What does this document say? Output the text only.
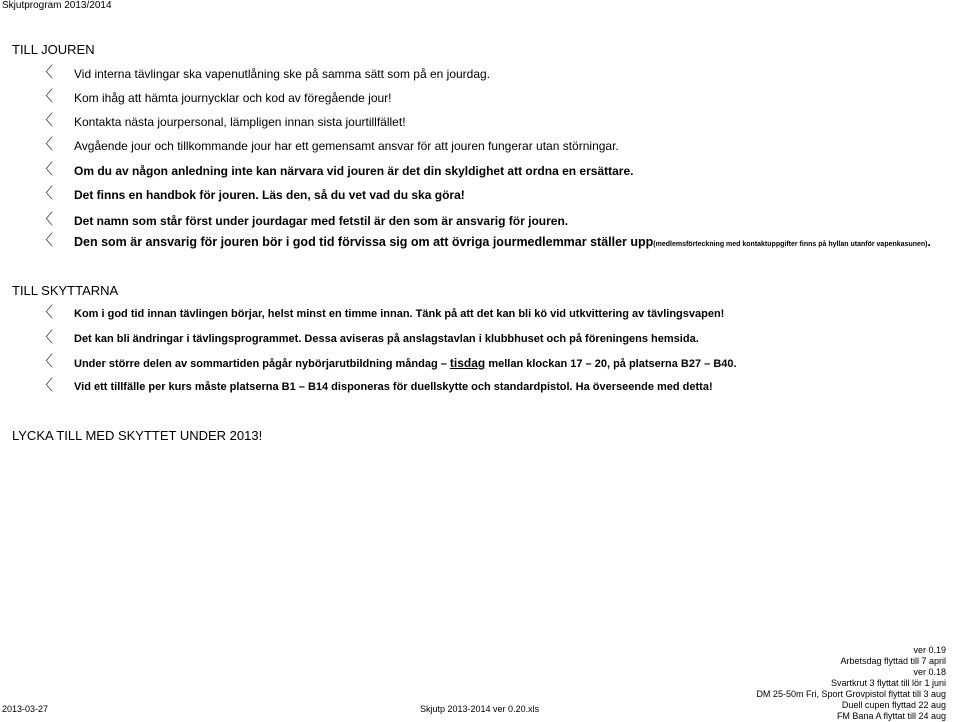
Skjutprogram 2013/2014
TILL JOUREN
〈 Vid interna tävlingar ska vapenutlåning ske på samma sätt som på en jourdag.
〈 Kom ihåg att hämta journycklar och kod av föregående jour!
〈 Kontakta nästa jourpersonal, lämpligen innan sista jourtillfället!
〈 Avgående jour och tillkommande jour har ett gemensamt ansvar för att jouren fungerar utan störningar.
〈 Om du av någon anledning inte kan närvara vid jouren är det din skyldighet att ordna en ersättare.
〈 Det finns en handbok för jouren. Läs den, så du vet vad du ska göra!
〈 Det namn som står först under jourdagar med fetstil är den som är ansvarig för jouren.
〈 Den som är ansvarig för jouren bör i god tid förvissa sig om att övriga jourmedlemmar ställer upp(medlemsförteckning med kontaktuppgifter finns på hyllan utanför vapenkasunen).
TILL SKYTTARNA
〈 Kom i god tid innan tävlingen börjar, helst minst en timme innan. Tänk på att det kan bli kö vid utkvittering av tävlingsvapen!
〈 Det kan bli ändringar i tävlingsprogrammet. Dessa aviseras på anslagstavlan i klubbhuset och på föreningens hemsida.
〈 Under större delen av sommartiden pågår nybörjarutbildning måndag – tisdag mellan klockan 17 – 20, på platserna B27 – B40.
〈 Vid ett tillfälle per kurs måste platserna B1 – B14 disponeras för duellskytte och standardpistol. Ha överseende med detta!
LYCKA TILL MED SKYTTET UNDER 2013!
2013-03-27	Skjutp 2013-2014 ver 0.20.xls
ver 0.19
Arbetsdag flyttad till 7 april
ver 0.18
Svartkrut 3 flyttat till lör 1 juni
DM 25-50m Fri, Sport Grovpistol flyttat till 3 aug
Duell cupen flyttad 22 aug
FM Bana A flyttat till 24 aug
